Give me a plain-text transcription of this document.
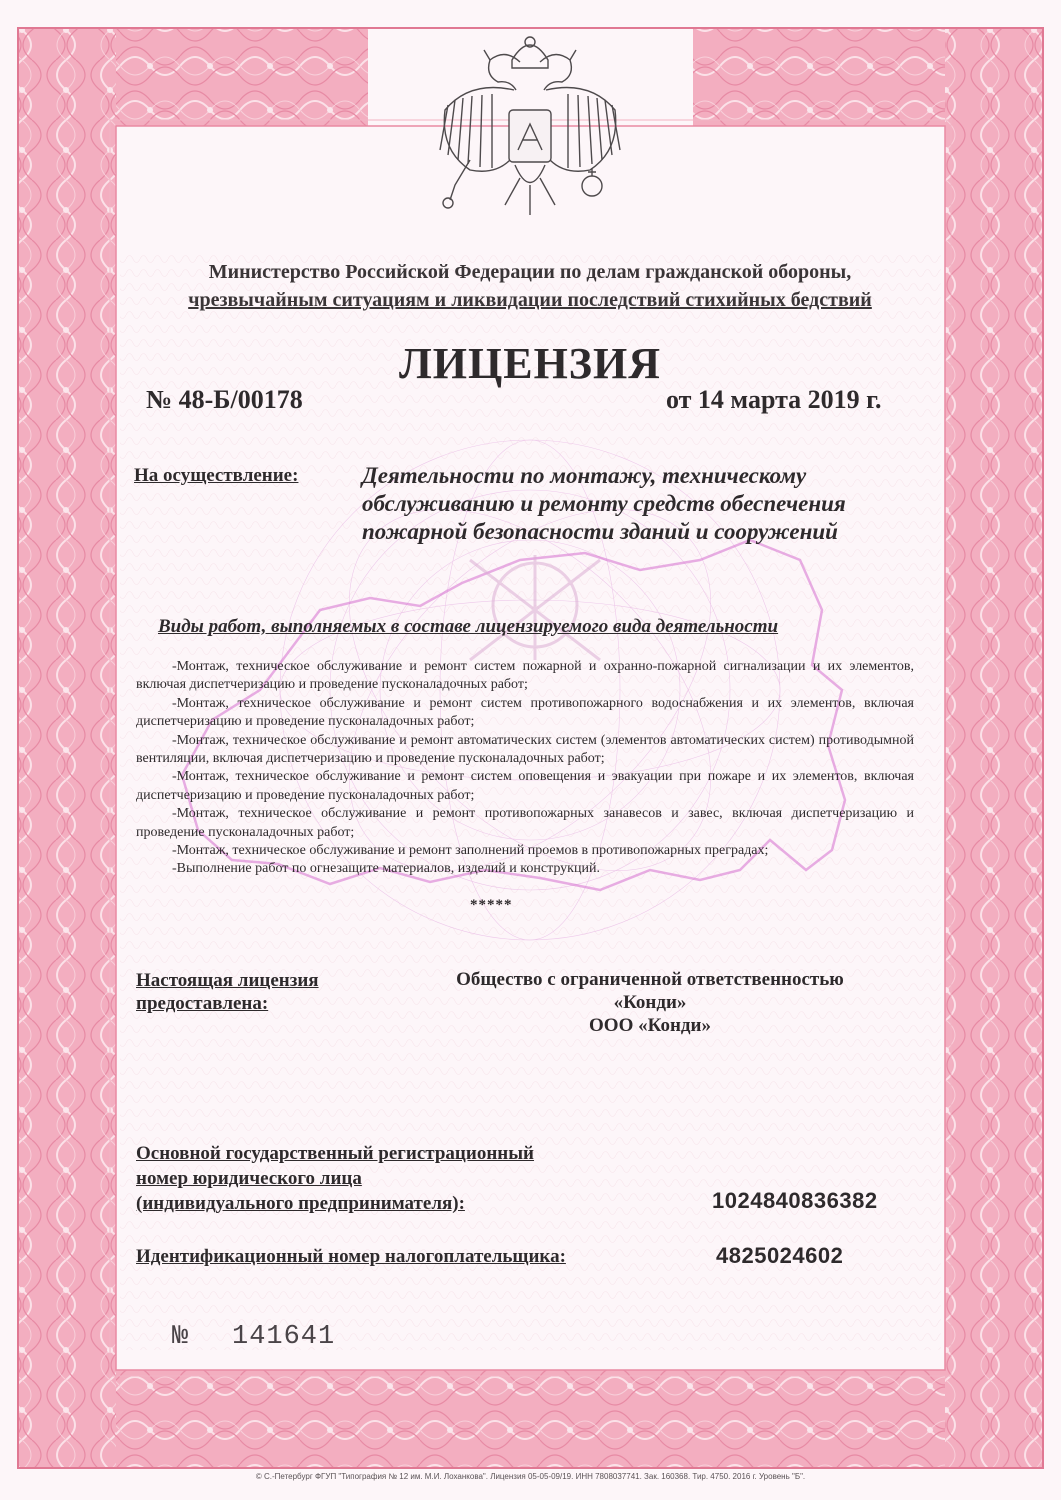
Министерство Российской Федерации по делам гражданской обороны,
чрезвычайным ситуациям и ликвидации последствий стихийных бедствий
ЛИЦЕНЗИЯ
№ 48-Б/00178	от 14 марта 2019 г.
На осуществление:	Деятельности по монтажу, техническому
обслуживанию и ремонту средств обеспечения
пожарной безопасности зданий и сооружений
Виды работ, выполняемых в составе лицензируемого вида деятельности

-Монтаж, техническое обслуживание и ремонт систем пожарной и охранно-пожарной сигнализации и их элементов, включая диспетчеризацию и проведение пусконаладочных работ;

-Монтаж, техническое обслуживание и ремонт систем противопожарного водоснабжения и их элементов, включая диспетчеризацию и проведение пусконаладочных работ;

-Монтаж, техническое обслуживание и ремонт автоматических систем (элементов автоматических систем) противодымной вентиляции, включая диспетчеризацию и проведение пусконаладочных работ;

-Монтаж, техническое обслуживание и ремонт систем оповещения и эвакуации при пожаре и их элементов, включая диспетчеризацию и проведение пусконаладочных работ;

-Монтаж, техническое обслуживание и ремонт противопожарных занавесов и завес, включая диспетчеризацию и проведение пусконаладочных работ;

-Монтаж, техническое обслуживание и ремонт заполнений проемов в противопожарных преградах;

-Выполнение работ по огнезащите материалов, изделий и конструкций.

*****
Настоящая лицензия
предоставлена:
Общество с ограниченной ответственностью
«Конди»
ООО «Конди»
Основной государственный регистрационный
номер юридического лица
(индивидуального предпринимателя):	1024840836382
Идентификационный номер налогоплательщика:	4825024602
№ 141641
© С.-Петербург ФГУП "Типография № 12 им. М.И. Лоханкова". Лицензия 05-05-09/19. ИНН 7808037741. Зак. 160368. Тир. 4750. 2016 г. Уровень "Б".
